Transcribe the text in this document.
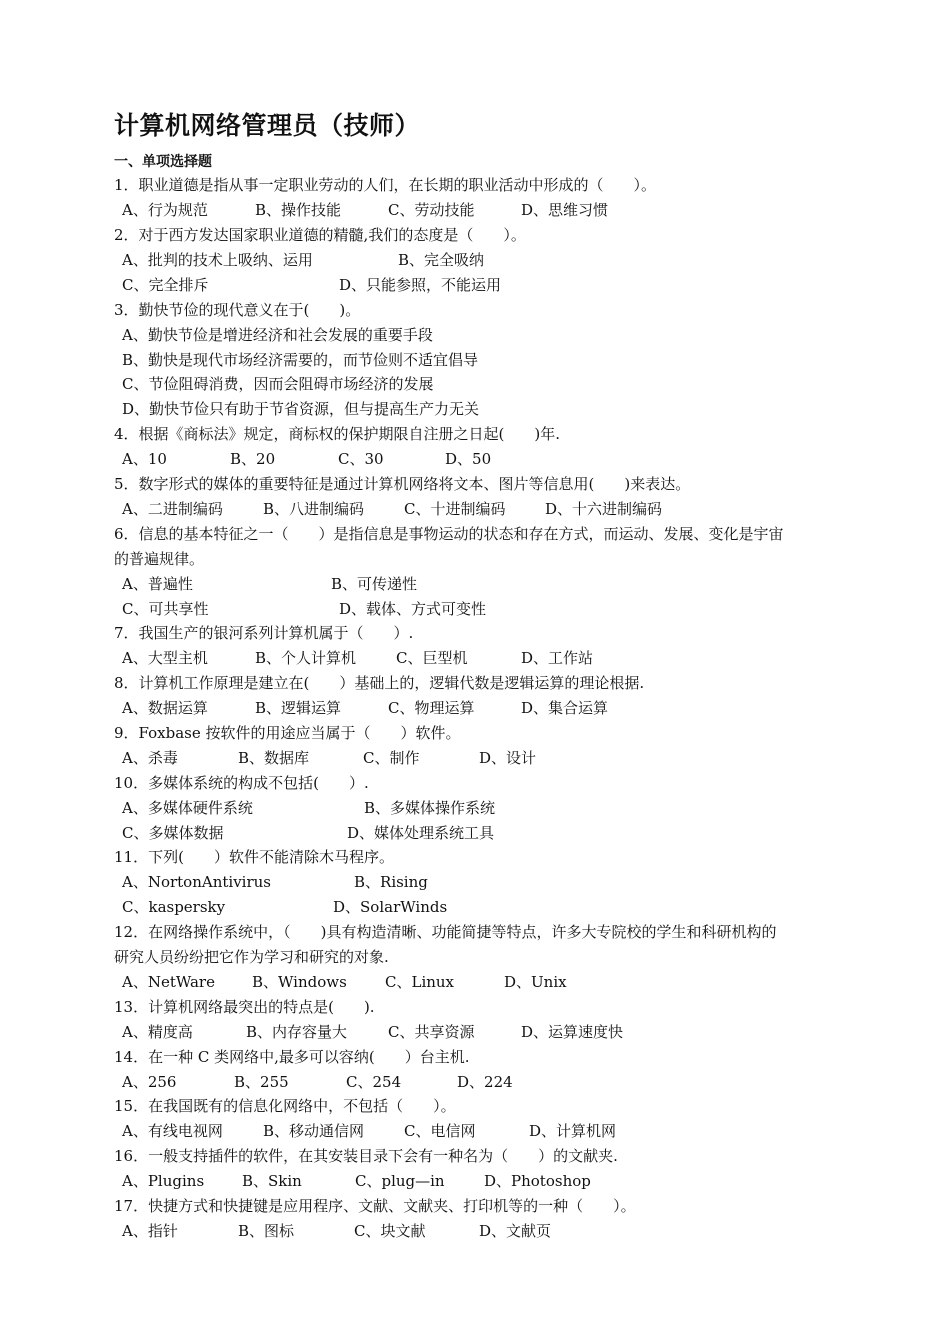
计算机网络管理员（技师）
一、单项选择题
1．职业道德是指从事一定职业劳动的人们，在长期的职业活动中形成的（　　）。
A、行为规范	B、操作技能	C、劳动技能	D、思维习惯
2．对于西方发达国家职业道德的精髓,我们的态度是（　　）。
A、批判的技术上吸纳、运用	B、完全吸纳
C、完全排斥	D、只能参照，不能运用
3．勤快节俭的现代意义在于(　　)。
A、勤快节俭是增进经济和社会发展的重要手段
B、勤快是现代市场经济需要的，而节俭则不适宜倡导
C、节俭阻碍消费，因而会阻碍市场经济的发展
D、勤快节俭只有助于节省资源，但与提高生产力无关
4．根据《商标法》规定，商标权的保护期限自注册之日起(　　)年.
A、10	B、20	C、30	D、50
5．数字形式的媒体的重要特征是通过计算机网络将文本、图片等信息用(　　)来表达。
A、二进制编码	B、八进制编码	C、十进制编码	D、十六进制编码
6．信息的基本特征之一（　　）是指信息是事物运动的状态和存在方式，而运动、发展、变化是宇宙
的普遍规律。
A、普遍性	B、可传递性
C、可共享性	D、载体、方式可变性
7．我国生产的银河系列计算机属于（　　）.
A、大型主机	B、个人计算机	C、巨型机	D、工作站
8．计算机工作原理是建立在(　　）基础上的，逻辑代数是逻辑运算的理论根据.
A、数据运算	B、逻辑运算	C、物理运算	D、集合运算
9．Foxbase 按软件的用途应当属于（　　）软件。
A、杀毒	B、数据库	C、制作	D、设计
10．多媒体系统的构成不包括(　　）.
A、多媒体硬件系统	B、多媒体操作系统
C、多媒体数据	D、媒体处理系统工具
11．下列(　　）软件不能清除木马程序。
A、NortonAntivirus	B、Rising
C、kaspersky	D、SolarWinds
12．在网络操作系统中，（　　)具有构造清晰、功能简捷等特点，许多大专院校的学生和科研机构的
研究人员纷纷把它作为学习和研究的对象.
A、NetWare B、Windows	C、Linux	D、Unix
13．计算机网络最突出的特点是(　　).
A、精度高	B、内存容量大	C、共享资源	D、运算速度快
14．在一种 C 类网络中,最多可以容纳(　　）台主机.
A、256	B、255	C、254	D、224
15．在我国既有的信息化网络中，不包括（　　）。
A、有线电视网	B、移动通信网	C、电信网	D、计算机网
16．一般支持插件的软件，在其安装目录下会有一种名为（　　）的文献夹.
A、Plugins	B、Skin	C、plug—in	D、Photoshop
17．快捷方式和快捷键是应用程序、文献、文献夹、打印机等的一种（　　）。
A、指针	B、图标	C、块文献	D、文献页
